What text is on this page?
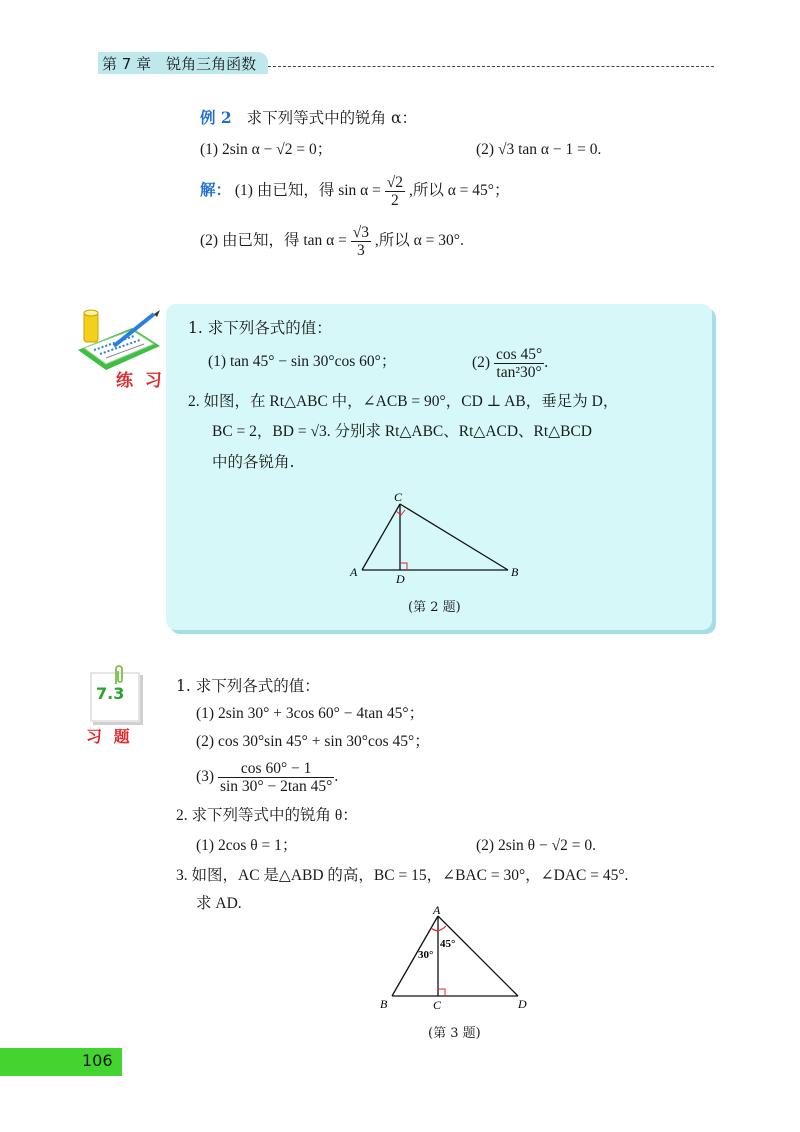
第 7 章　锐角三角函数
例 2 求下列等式中的锐角 α：
(1) 2sin α − √2 = 0；	(2) √3 tan α − 1 = 0.
解： (1) 由已知，得 $\sin \alpha = \frac{√2}{2}$ ,所以 α = 45°；
(2) 由已知，得 $\tan \alpha = \frac{√3}{3}$ ,所以 α = 30°.
练 习
1. 求下列各式的值：
(1) tan 45° − sin 30°cos 60°；	$(2) \frac{\cos 45^\circ}{\text{tan²30°}}$ .
2. 如图，在 Rt△ABC 中，∠ACB = 90°，CD ⊥ AB，垂足为 D，
BC = 2，BD = √3. 分别求 Rt△ABC、Rt△ACD、Rt△BCD
中的各锐角.
A	B
C
D
(第 2 题)
7.3
习 题
1. 求下列各式的值：
(1) 2sin 30° + 3cos 60° − 4tan 45°；
(2) cos 30°sin 45° + sin 30°cos 45°；
$(3) \frac{\cos 60^\circ - 1}{\sin 30^\circ - 2\tan 45^\circ}$ .
2. 求下列等式中的锐角 θ：
(1) 2cos θ = 1；	(2) 2sin θ − √2 = 0.
3. 如图，AC 是△ABD 的高，BC = 15，∠BAC = 30°，∠DAC = 45°.
求 AD.	A
B	C	D
30°
45°
(第 3 题)
106
